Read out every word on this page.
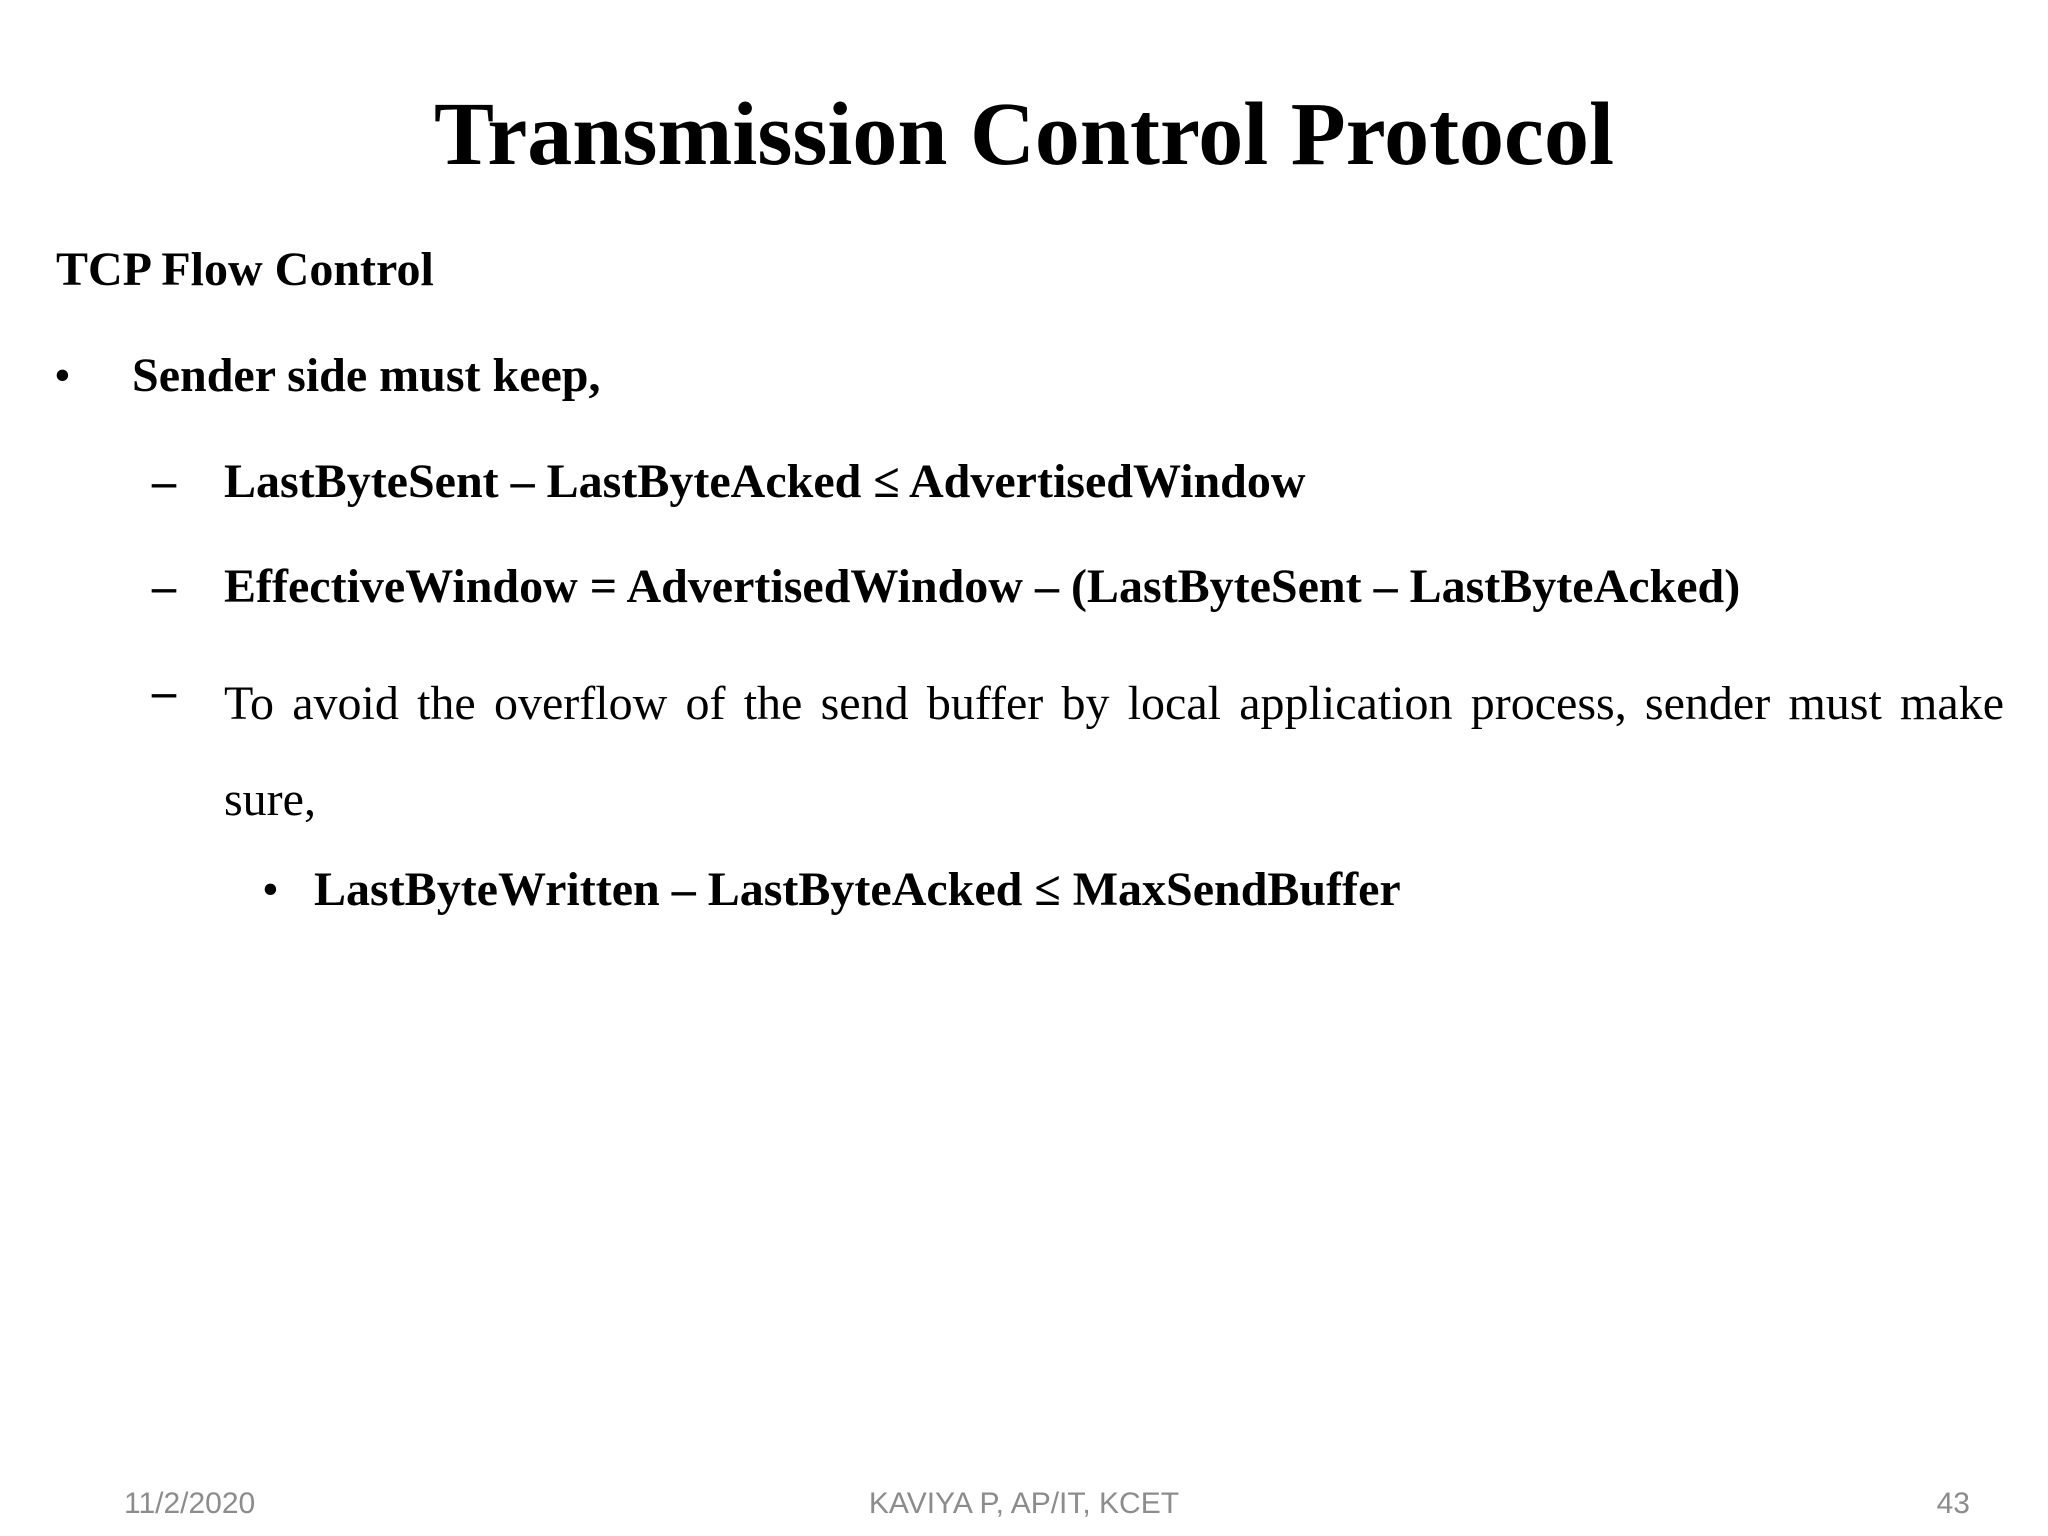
Transmission Control Protocol
TCP Flow Control
• Sender side must keep,
– LastByteSent – LastByteAcked ≤ AdvertisedWindow
– EffectiveWindow = AdvertisedWindow – (LastByteSent – LastByteAcked)
– To avoid the overflow of the send buffer by local application process, sender must make sure,
• LastByteWritten – LastByteAcked ≤ MaxSendBuffer
11/2/2020	KAVIYA P, AP/IT, KCET	43
